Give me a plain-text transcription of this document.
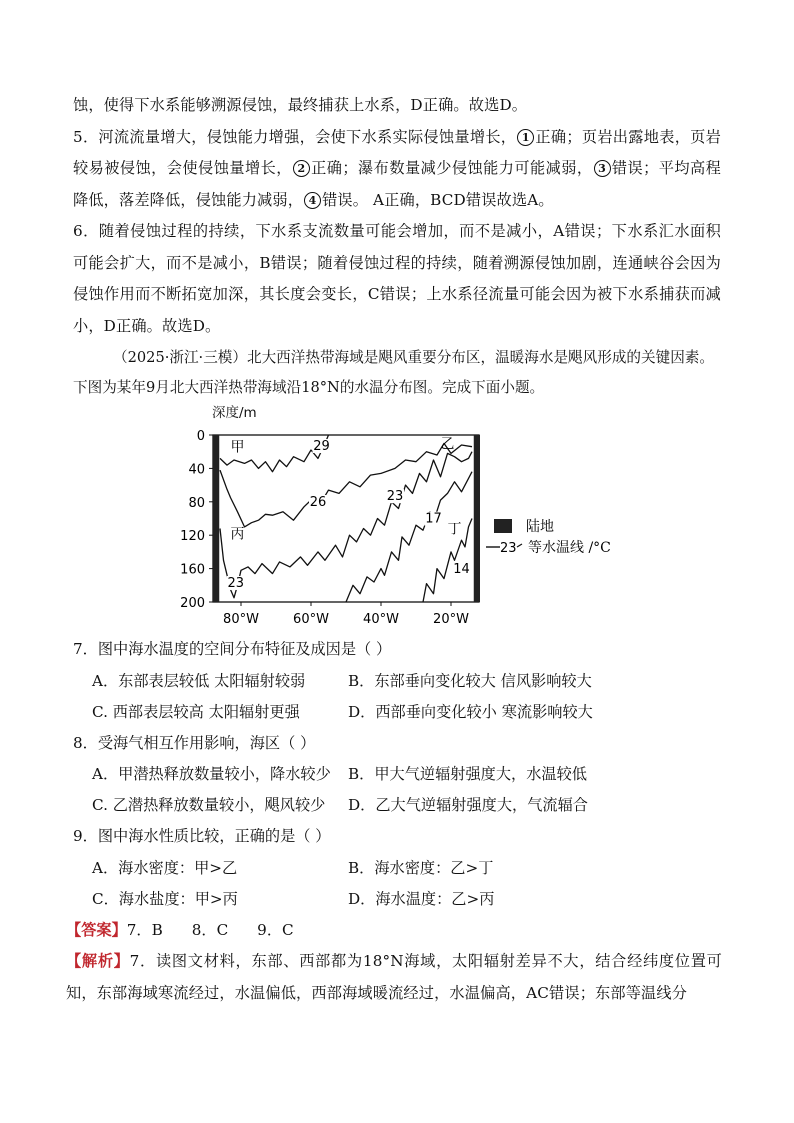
蚀，使得下水系能够溯源侵蚀，最终捕获上水系，D正确。故选D。

5．河流流量增大，侵蚀能力增强，会使下水系实际侵蚀量增长， 1 正确；页岩出露地表，页岩较易被侵蚀，会使侵蚀量增长， 2 正确；瀑布数量减少侵蚀能力可能减弱， 3 错误；平均高程降低，落差降低，侵蚀能力减弱， 4 错误。 A正确，BCD错误故选A。

6．随着侵蚀过程的持续，下水系支流数量可能会增加，而不是减小，A错误；下水系汇水面积可能会扩大，而不是减小，B错误；随着侵蚀过程的持续，随着溯源侵蚀加剧，连通峡谷会因为侵蚀作用而不断拓宽加深，其长度会变长，C错误；上水系径流量可能会因为被下水系捕获而减小，D正确。故选D。

（2025·浙江·三模）北大西洋热带海域是飓风重要分布区，温暖海水是飓风形成的关键因素。下图为某年9月北大西洋热带海域沿18°N的水温分布图。完成下面小题。

深度/m
0
40
80
120
160
200
80°W	60°W	40°W	20°W
29
26
23
23
17
14
甲	乙
丙	丁	陆地
23 等水温线 /°C
7．图中海水温度的空间分布特征及成因是（ ）
A．东部表层较低 太阳辐射较弱	B．东部垂向变化较大 信风影响较大
C. 西部表层较高 太阳辐射更强	D．西部垂向变化较小 寒流影响较大
8．受海气相互作用影响，海区（ ）
A．甲潜热释放数量较小，降水较少 B．甲大气逆辐射强度大，水温较低
C. 乙潜热释放数量较小，飓风较少 D．乙大气逆辐射强度大，气流辐合
9．图中海水性质比较，正确的是（ ）
A．海水密度：甲>乙	B．海水密度：乙>丁
C．海水盐度：甲>丙	D．海水温度：乙>丙
【答案】7．B      8．C      9．C
【解析】7．读图文材料，东部、西部都为18°N海域，太阳辐射差异不大，结合经纬度位置可知，东部海域寒流经过，水温偏低，西部海域暖流经过，水温偏高，AC错误；东部等温线分
